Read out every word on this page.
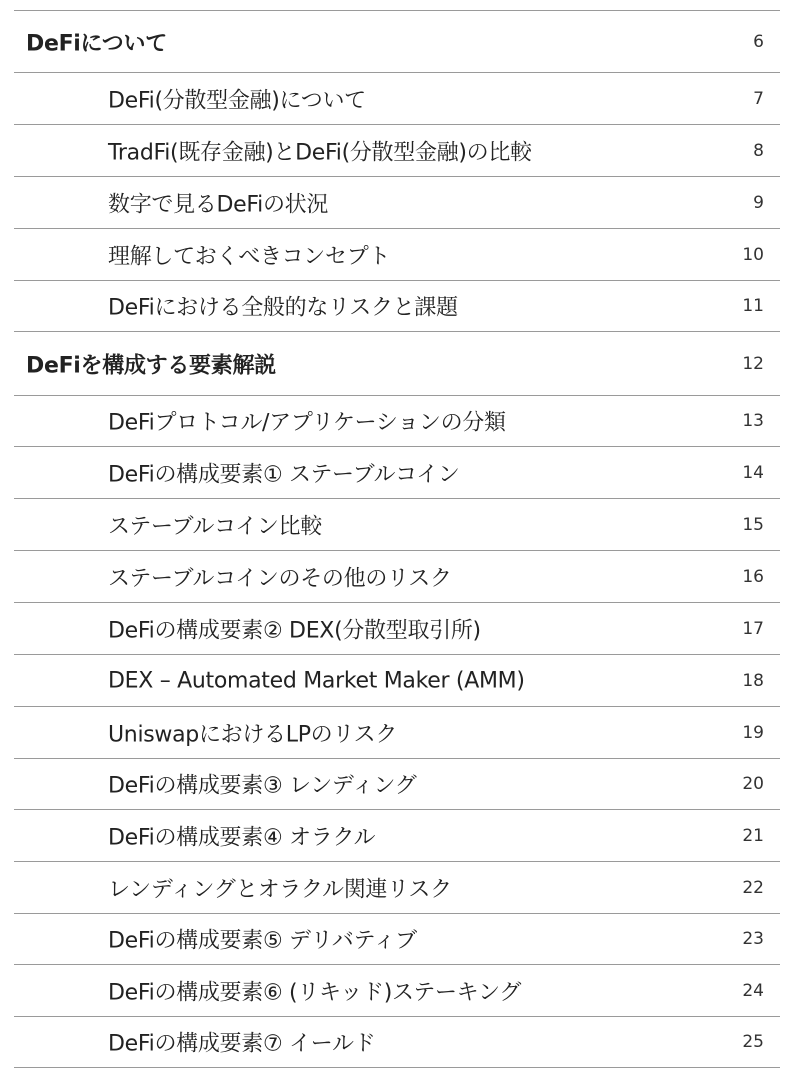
DeFiについて	6
DeFi(分散型金融)について	7
TradFi(既存金融)とDeFi(分散型金融)の比較	8
数字で見るDeFiの状況	9
理解しておくべきコンセプト	10
DeFiにおける全般的なリスクと課題	11
DeFiを構成する要素解説	12
DeFiプロトコル/アプリケーションの分類	13
DeFiの構成要素① ステーブルコイン	14
ステーブルコイン比較	15
ステーブルコインのその他のリスク	16
DeFiの構成要素② DEX(分散型取引所)	17
DEX – Automated Market Maker (AMM)	18
UniswapにおけるLPのリスク	19
DeFiの構成要素③ レンディング	20
DeFiの構成要素④ オラクル	21
レンディングとオラクル関連リスク	22
DeFiの構成要素⑤ デリバティブ	23
DeFiの構成要素⑥ (リキッド)ステーキング	24
DeFiの構成要素⑦ イールド	25
